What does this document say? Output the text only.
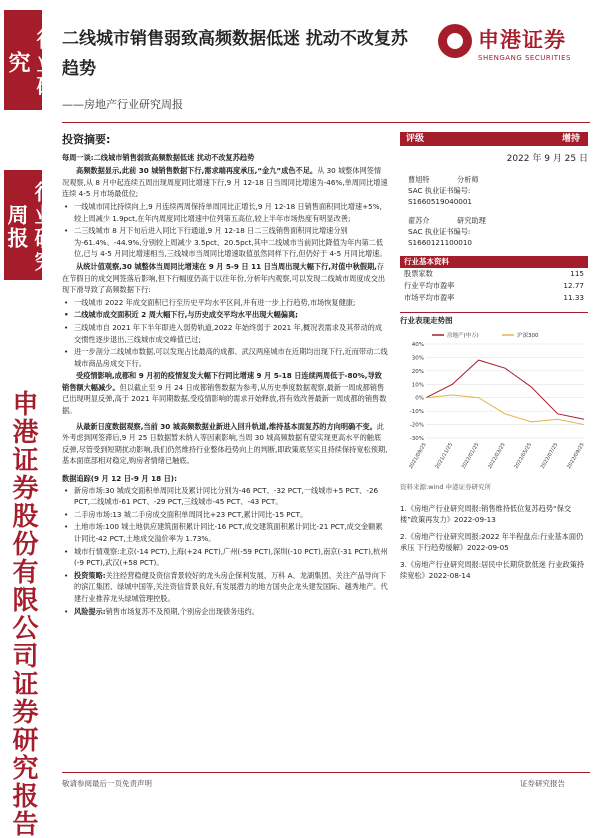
行业研究
行业研究周报
申港证券股份有限公司证券研究报告
二线城市销售弱致高频数据低迷 扰动不改复苏趋势
——房地产行业研究周报
申港证券
SHENGANG SECURITIES
投资摘要:
每周一谈:二线城市销售弱致高频数据低迷 扰动不改复苏趋势
高频数据显示,此前 30 城销售数据下行,需求端再度承压,“金九”成色不足。从 30 城整体网签情况观察,从 8 月中起连续五周出现周度同比增速下行,9 月 12-18 日当周同比增速为-46%,单周同比增速连续 4-5 月市场最低位;
• 一线城市同比持续向上,9 月连续两周保持单周同比正增长,9 月 12-18 日销售面积同比增速+5%,较上周减少 1.9pct,在年内周度同比增速中位列第五高位,较上半年市场热度有明显改善;
• 二三线城市 8 月下旬后进入同比下行通道,9 月 12-18 日二三线销售面积同比增速分别为-61.4%、-44.9%,分别较上周减少 3.5pct、20.5pct,其中二线城市当前同比降值为年内第二低位,已与 4-5 月同比增速相当,三线城市当周同比增速取值虽然同样下行,但仍好于 4-5 月同比增速。
从统计值观察,30 城整体当周同比增速在 9 月 5-9 日 11 日当周出现大幅下行,对值中秋假期,存在节假日的成交网签落后影响,但下行幅度仍高于以往年份,分析年内观察,可以发现二线城市周度成交出现下滑导致了高频数据下行:
• 一线城市 2022 年成交面积已行至历史平均水平区间,并有进一步上行趋势,市场恢复健康;
• 二线城市成交面积近 2 周大幅下行,与历史成交平均水平出现大幅偏离;
• 三线城市自 2021 年下半年即进入弱势轨道,2022 年始终弱于 2021 年,概况表需求及其带动的成交惯性逐步退出,三线城市成交峰值已过;
• 进一步剖分二线城市数据,可以发现占比最高的成都、武汉两座城市在近期均出现下行,近而带动二线城市商品房成交下行。
受疫情影响,成都和 9 月初的疫情复发大幅下行同比增速 9 月 5-18 日连续两周低于-80%,导致销售额大幅减少。但以截止至 9 月 24 日成都销售数据为参考,从历史季度数据观察,最新一周成都销售已出现明显反弹,高于 2021 年同期数据,受疫情影响的需求开始释放,将有效改善最新一周成都的销售数据。
从最新日度数据观察,当前 30 城高频数据业新进入回升轨道,维持基本面复苏的方向明确不变。此外考虑到网签滞后,9 月 25 日数据暂未纳入等因素影响,当周 30 城高频数据有望实现更高水平的触底反弹,尽管受到短期扰动影响,我们仍然维持行业整体趋势向上的判断,即政策底坚实且持续保持宽松预期,基本面底部相对稳定,购房者情绪已触底。
数据追踪(9 月 12 日-9 月 18 日):
• 新房市场:30 城成交面积单周同比及累计同比分别为-46 PCT、-32 PCT,一线城市+5 PCT、-26 PCT,二线城市-61 PCT、-29 PCT,三线城市-45 PCT、-43 PCT。
• 二手房市场:13 城二手房成交面积单周同比+23 PCT,累计同比-15 PCT。
• 土地市场:100 城土地供应建筑面积累计同比-16 PCT,成交建筑面积累计同比-21 PCT,成交金额累计同比-42 PCT,土地成交溢价率为 1.73%。
• 城市行情观察:北京(-14 PCT),上海(+24 PCT),广州(-59 PCT),深圳(-10 PCT),南京(-31 PCT),杭州(-9 PCT),武汉(+58 PCT)。
• 投资策略:关注经营稳健及资信背景较好的龙头房企保利发展、万科 A、龙湖集团。关注产品导向下的滨江集团、绿城中国等,关注资信背景良好,有发展潜力的地方国央企龙头建发国际、越秀地产。代建行业推荐龙头绿城管理控股。
• 风险提示:销售市场复苏不及预期,个别房企出现债务违约。
评级	增持
2022 年 9 月 25 日
曹旭特	分析师
SAC 执业证书编号:
S1660519040001
翟苏介	研究助理
SAC 执业证书编号:
S1660121100010
行业基本资料
股票家数	115
行业平均市盈率	12.77
市场平均市盈率	11.33
行业表现走势图
-30%
-20%
-10%
0%
10%
20%
30%
40%
2021/09/25 2021/11/25 2022/01/25 2022/03/25 2022/05/25 2022/07/25 2022/09/25
房地产(申万)	沪深300
资料来源:wind 申港证券研究所
1.《房地产行业研究周报:销售维持低位复苏趋势“保交楼”政策再发力》2022-09-13
2.《房地产行业研究周报:2022 年半程盘点:行业基本面仍承压 下行趋势缓解》2022-09-05
3.《房地产行业研究周报:居民中长期贷款低迷 行业政策持续宽松》2022-08-14
敬请参阅最后一页免责声明	证券研究报告
